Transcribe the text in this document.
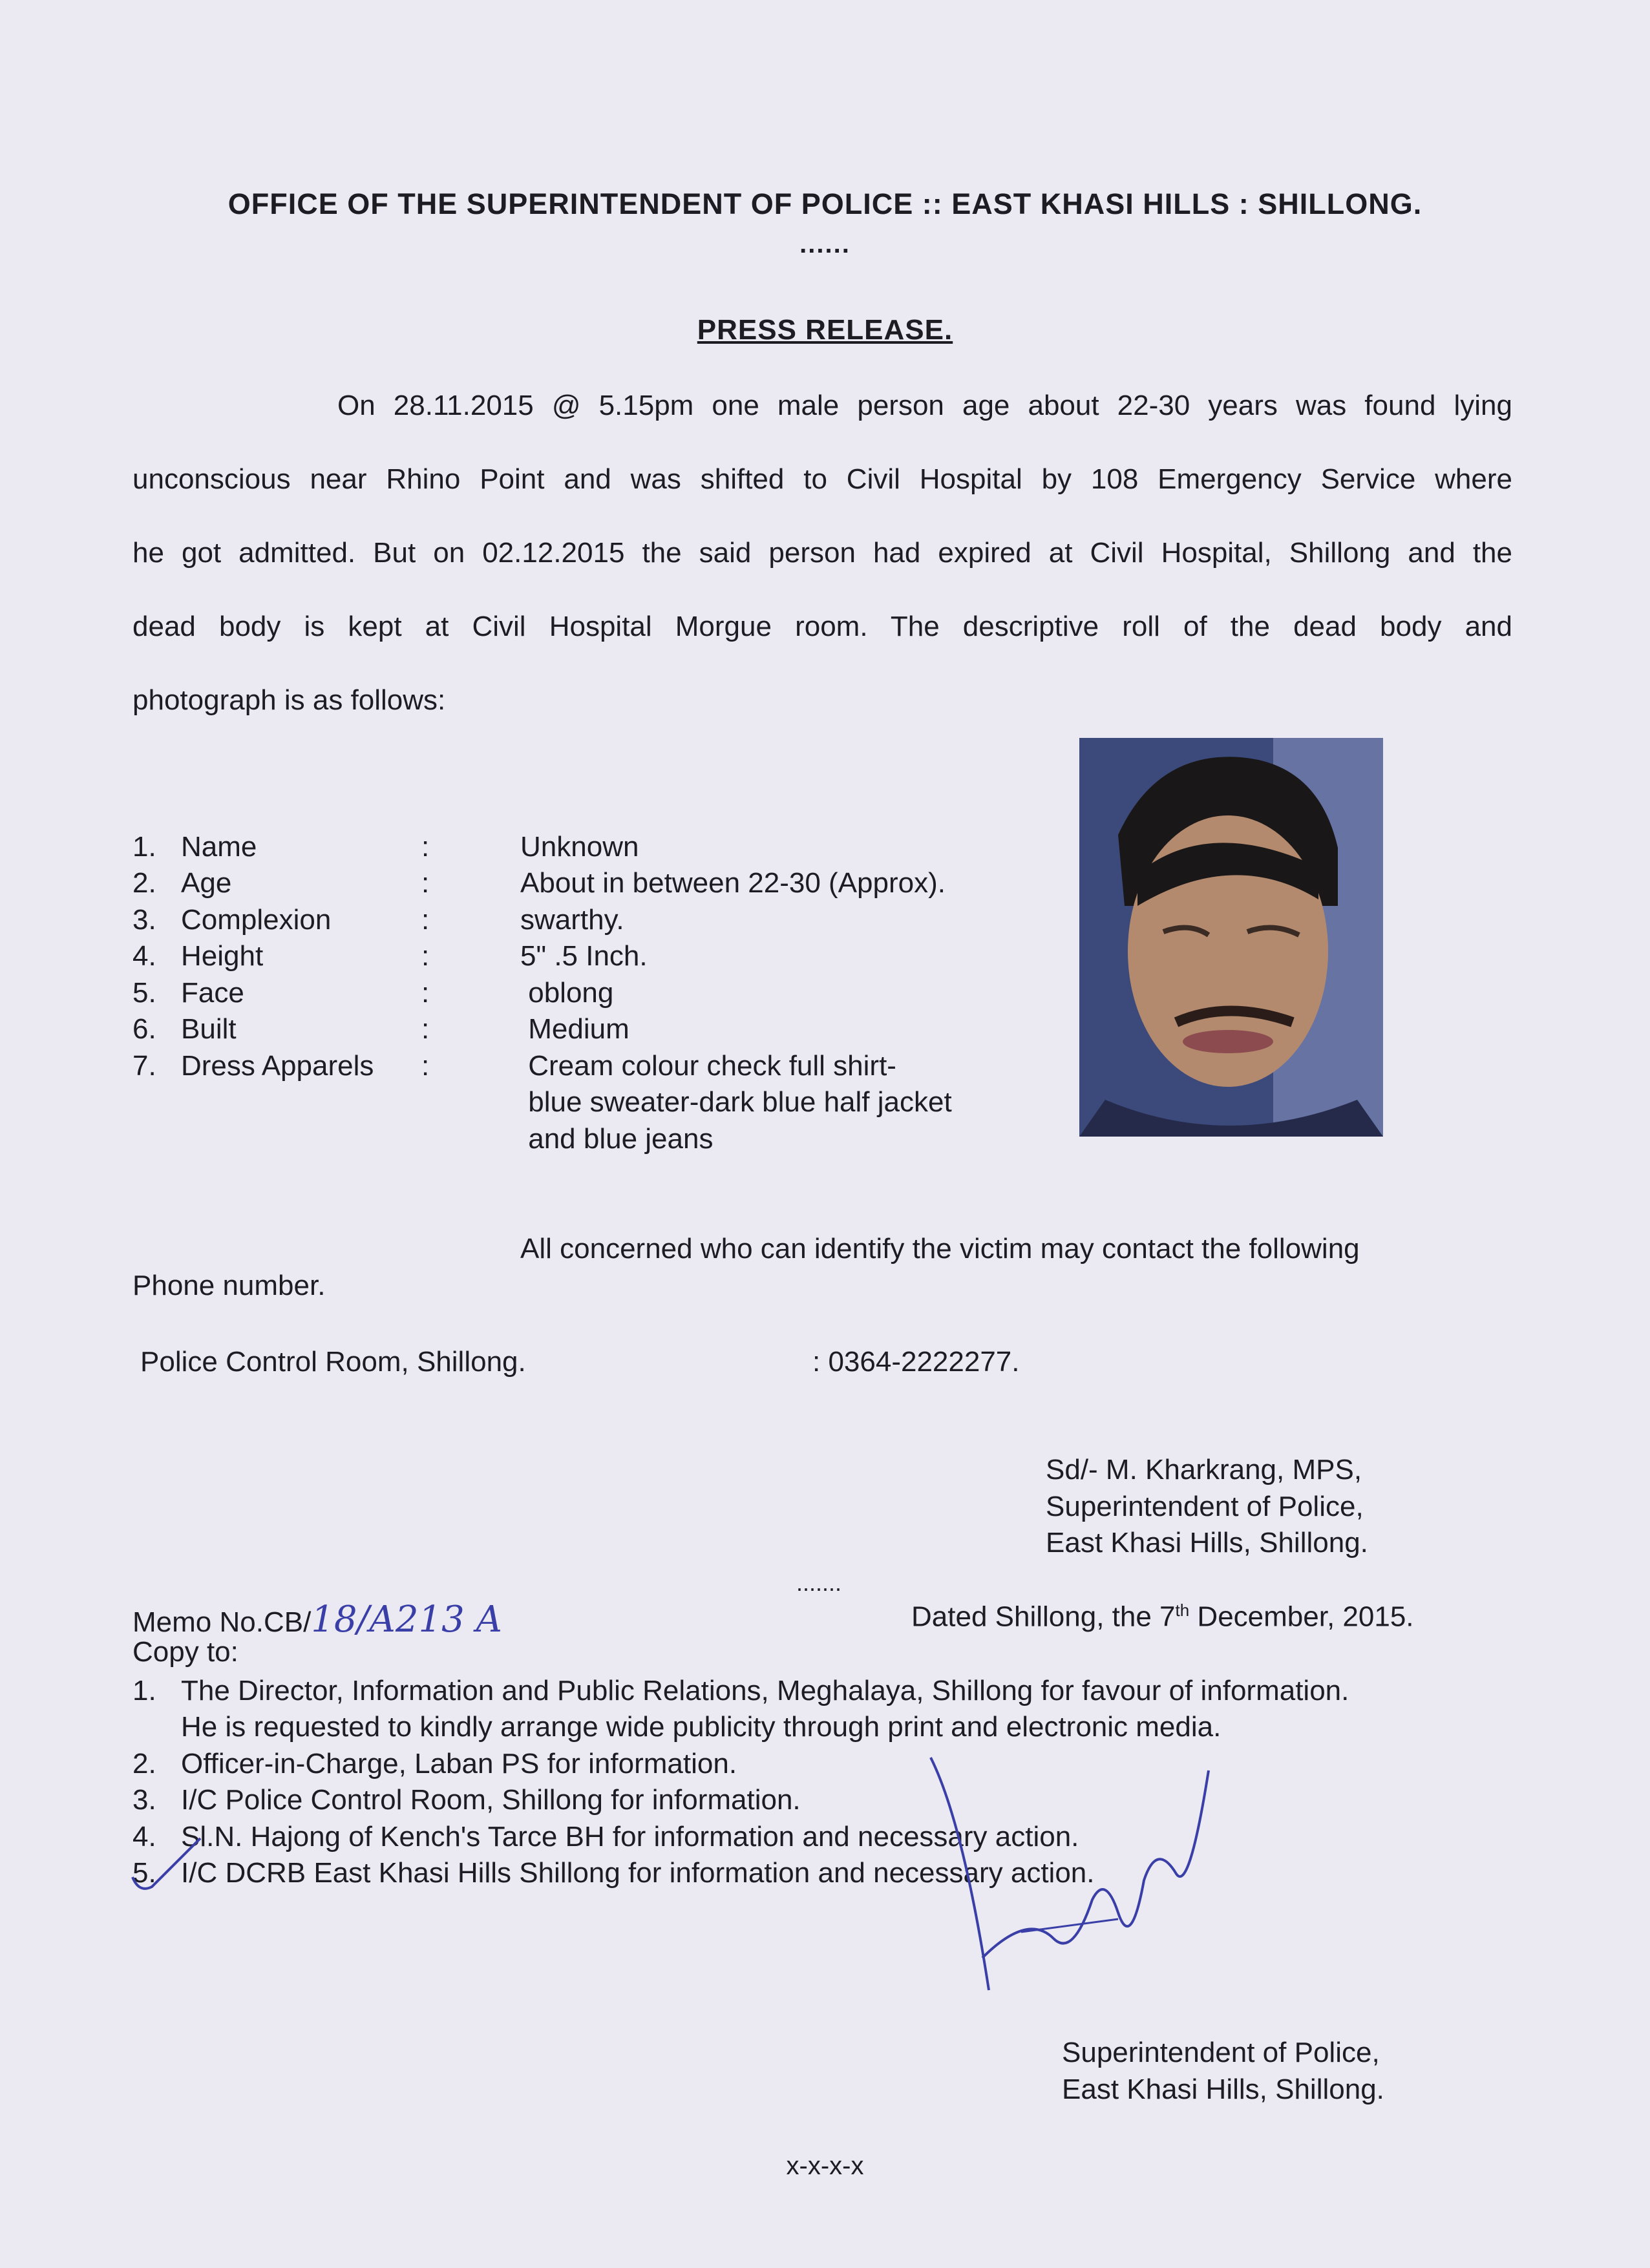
OFFICE OF THE SUPERINTENDENT OF POLICE :: EAST KHASI HILLS : SHILLONG.
......
PRESS RELEASE.
On 28.11.2015 @ 5.15pm one male person age about 22-30 years was found lying
unconscious near Rhino Point and was shifted to Civil Hospital by 108 Emergency Service where
he got admitted. But on 02.12.2015 the said person had expired at Civil Hospital, Shillong and the
dead body is kept at Civil Hospital Morgue room. The descriptive roll of the dead body and
photograph is as follows:
1. Name	:	Unknown
2. Age	:	About in between 22-30 (Approx).
3. Complexion	:	swarthy.
4. Height	:	5" .5 Inch.
5. Face	:	oblong
6. Built	:	Medium
7. Dress Apparels :	Cream colour check full shirt-
blue sweater-dark blue half jacket
and blue jeans
All concerned who can identify the victim may contact the following
Phone number.
Police Control Room, Shillong.	: 0364-2222277.
Sd/- M. Kharkrang, MPS,
Superintendent of Police,
East Khasi Hills, Shillong.
.......
Memo No.CB/18/A213 A	Dated Shillong, the 7th December, 2015.
Copy to:
1. The Director, Information and Public Relations, Meghalaya, Shillong for favour of information.
He is requested to kindly arrange wide publicity through print and electronic media.
2. Officer-in-Charge, Laban PS for information.
3. I/C Police Control Room, Shillong for information.
4. Sl.N. Hajong of Kench's Tarce BH for information and necessary action.
5. I/C DCRB East Khasi Hills Shillong for information and necessary action.
Superintendent of Police,
East Khasi Hills, Shillong.
x-x-x-x
